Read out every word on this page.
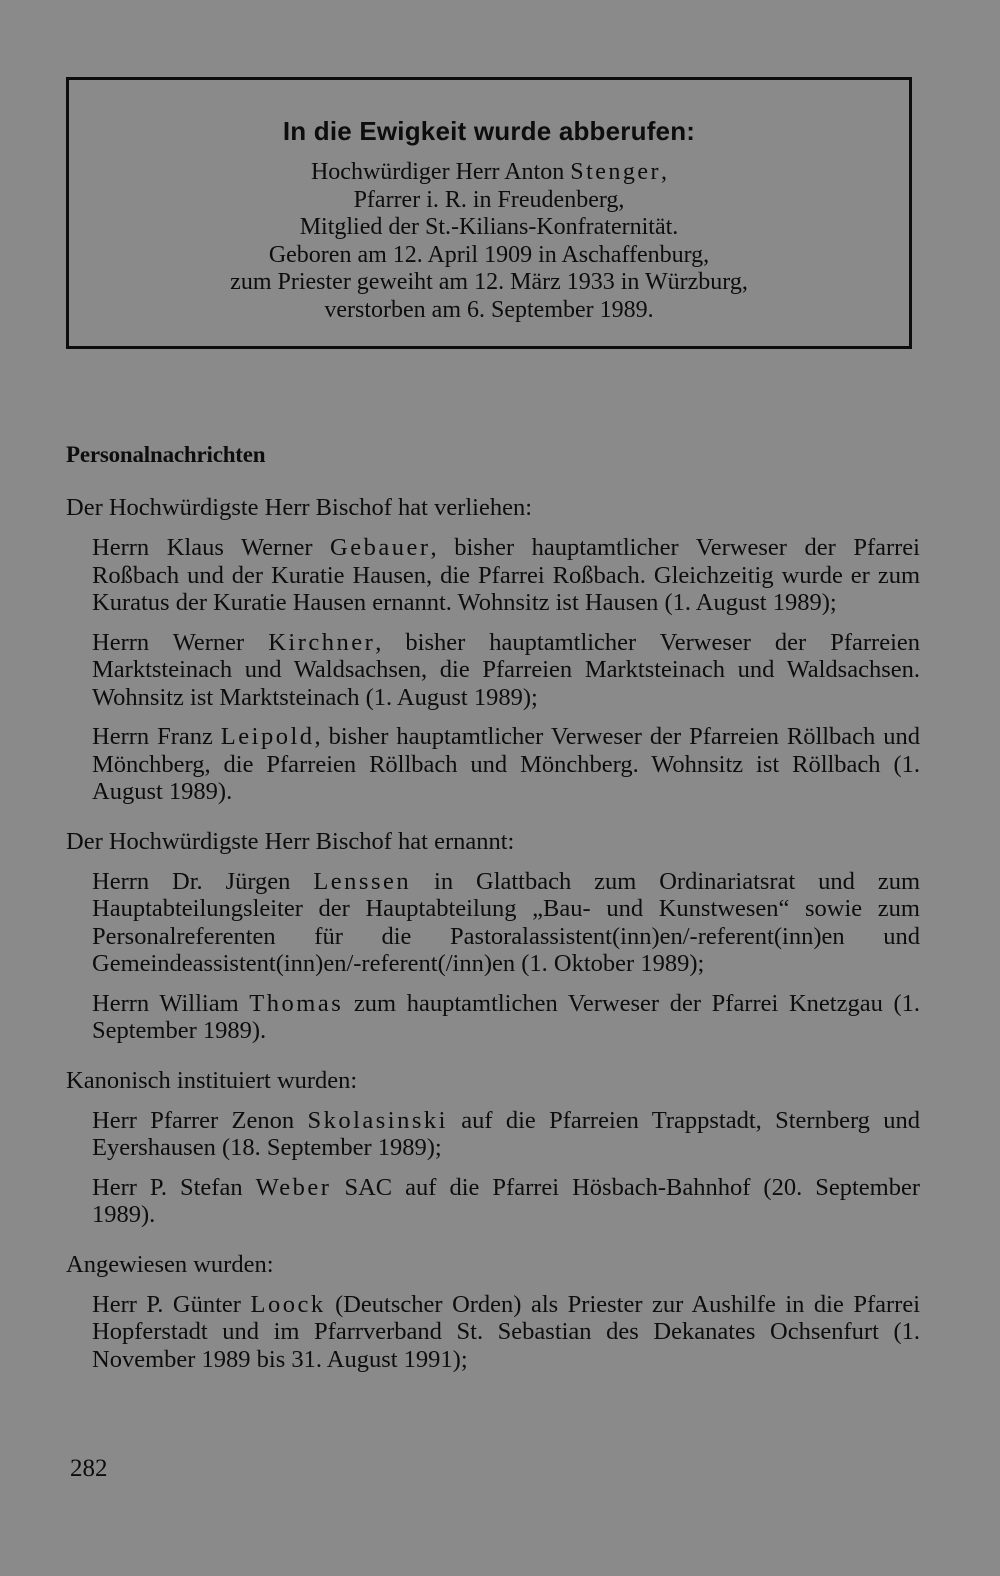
In die Ewigkeit wurde abberufen:
Hochwürdiger Herr Anton Stenger,
Pfarrer i. R. in Freudenberg,
Mitglied der St.-Kilians-Konfraternität.
Geboren am 12. April 1909 in Aschaffenburg,
zum Priester geweiht am 12. März 1933 in Würzburg,
verstorben am 6. September 1989.
Personalnachrichten

Der Hochwürdigste Herr Bischof hat verliehen:

Herrn Klaus Werner Gebauer, bisher hauptamtlicher Verweser der Pfarrei Roßbach und der Kuratie Hausen, die Pfarrei Roßbach. Gleichzeitig wurde er zum Kuratus der Kuratie Hausen ernannt. Wohnsitz ist Hausen (1. August 1989);

Herrn Werner Kirchner, bisher hauptamtlicher Verweser der Pfarreien Marktsteinach und Waldsachsen, die Pfarreien Marktsteinach und Waldsachsen. Wohnsitz ist Marktsteinach (1. August 1989);

Herrn Franz Leipold, bisher hauptamtlicher Verweser der Pfarreien Röllbach und Mönchberg, die Pfarreien Röllbach und Mönchberg. Wohnsitz ist Röllbach (1. August 1989).

Der Hochwürdigste Herr Bischof hat ernannt:

Herrn Dr. Jürgen Lenssen in Glattbach zum Ordinariatsrat und zum Hauptabteilungsleiter der Hauptabteilung „Bau- und Kunstwesen“ sowie zum Personalreferenten für die Pastoralassistent(inn)en/-referent(inn)en und Gemeindeassistent(inn)en/-referent(/inn)en (1. Oktober 1989);

Herrn William Thomas zum hauptamtlichen Verweser der Pfarrei Knetzgau (1. September 1989).

Kanonisch instituiert wurden:

Herr Pfarrer Zenon Skolasinski auf die Pfarreien Trappstadt, Sternberg und Eyershausen (18. September 1989);

Herr P. Stefan Weber SAC auf die Pfarrei Hösbach-Bahnhof (20. September 1989).

Angewiesen wurden:

Herr P. Günter Loock (Deutscher Orden) als Priester zur Aushilfe in die Pfarrei Hopferstadt und im Pfarrverband St. Sebastian des Dekanates Ochsenfurt (1. November 1989 bis 31. August 1991);

282
